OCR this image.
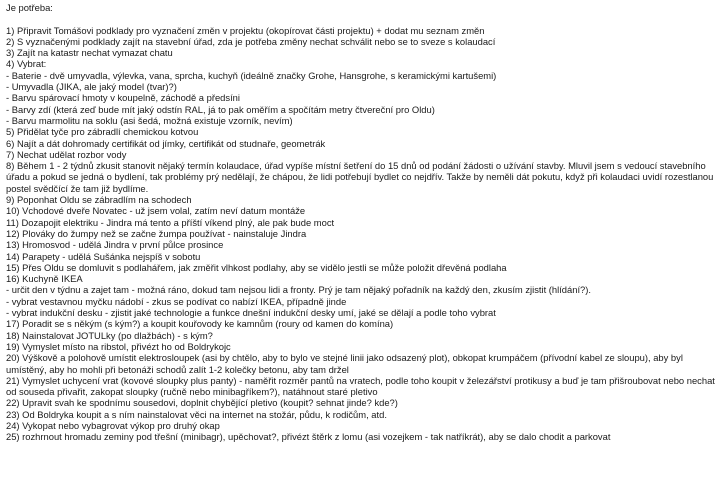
Je potřeba:
1) Připravit Tomášovi podklady pro vyznačení změn v projektu (okopírovat části projektu) + dodat mu seznam změn
2) S vyznačenými podklady zajít na stavební úřad, zda je potřeba změny nechat schválit nebo se to sveze s kolaudací
3) Zajít na katastr nechat vymazat chatu
4) Vybrat:
- Baterie - dvě umyvadla, výlevka, vana, sprcha, kuchyň (ideálně značky Grohe, Hansgrohe, s keramickými kartušemi)
- Umyvadla (JIKA, ale jaký model (tvar)?)
- Barvu spárovací hmoty v koupelně, záchodě a předsíni
- Barvy zdí (která zeď bude mít jaký odstín RAL, já to pak oměřím a spočítám metry čtvereční pro Oldu)
- Barvu marmolitu na soklu (asi šedá, možná existuje vzorník, nevím)
5) Přidělat tyče pro zábradlí chemickou kotvou
6) Najít a dát dohromady certifikát od jímky, certifikát od studnaře, geometrák
7) Nechat udělat rozbor vody
8) Během 1 - 2 týdnů zkusit stanovit nějaký termín kolaudace, úřad vypíše místní šetření do 15 dnů od podání žádosti o užívání stavby. Mluvil jsem s vedoucí stavebního úřadu a pokud se jedná o bydlení, tak problémy prý nedělají, že chápou, že lidi potřebují bydlet co nejdřív. Takže by neměli dát pokutu, když při kolaudaci uvidí rozestlanou postel svědčící že tam již bydlíme.
9) Poponhat Oldu se zábradlím na schodech
10) Vchodové dveře Novatec - už jsem volal, zatím neví datum montáže
11) Dozapojit elektriku - Jindra má tento a příští víkend plný, ale pak bude moct
12) Plováky do žumpy než se začne žumpa používat - nainstaluje Jindra
13) Hromosvod - udělá Jindra v první půlce prosince
14) Parapety - udělá Sušánka nejspíš v sobotu
15) Přes Oldu se domluvit s podlahářem, jak změřit vlhkost podlahy, aby se vidělo jestli se může položit dřevěná podlaha
16) Kuchyně IKEA
- určit den v týdnu a zajet tam - možná ráno, dokud tam nejsou lidi a fronty. Prý je tam nějaký pořadník na každý den, zkusím zjistit (hlídání?).
- vybrat vestavnou myčku nádobí - zkus se podívat co nabízí IKEA, případně jinde
- vybrat indukční desku - zjistit jaké technologie a funkce dnešní indukční desky umí, jaké se dělají a podle toho vybrat
17) Poradit se s někým (s kým?) a koupit kouřovody ke kamnům (roury od kamen do komína)
18) Nainstalovat JOTULky (po dlažbách) - s kým?
19) Vymyslet místo na ribstol, přivézt ho od Boldrykojc
20) Výškově a polohově umístit elektrosloupek (asi by chtělo, aby to bylo ve stejné linii jako odsazený plot), obkopat krumpáčem (přívodní kabel ze sloupu), aby byl umístěný, aby ho mohli při betonáži schodů zalít 1-2 kolečky betonu, aby tam držel
21) Vymyslet uchycení vrat (kovové sloupky plus panty) - naměřit rozměr pantů na vratech, podle toho koupit v železářství protikusy a buď je tam přišroubovat nebo nechat od souseda přivařit, zakopat sloupky (ručně nebo minibagříkem?), natáhnout staré pletivo
22) Upravit svah ke spodnímu sousedovi, doplnit chybějící pletivo (koupit? sehnat jinde? kde?)
23) Od Boldryka koupit a s ním nainstalovat věci na internet na stožár, půdu, k rodičům, atd.
24) Vykopat nebo vybagrovat výkop pro druhý okap
25) rozhrnout hromadu zeminy pod třešní (minibagr), upěchovat?, přivézt štěrk z lomu (asi vozejkem - tak natříkrát), aby se dalo chodit a parkovat
